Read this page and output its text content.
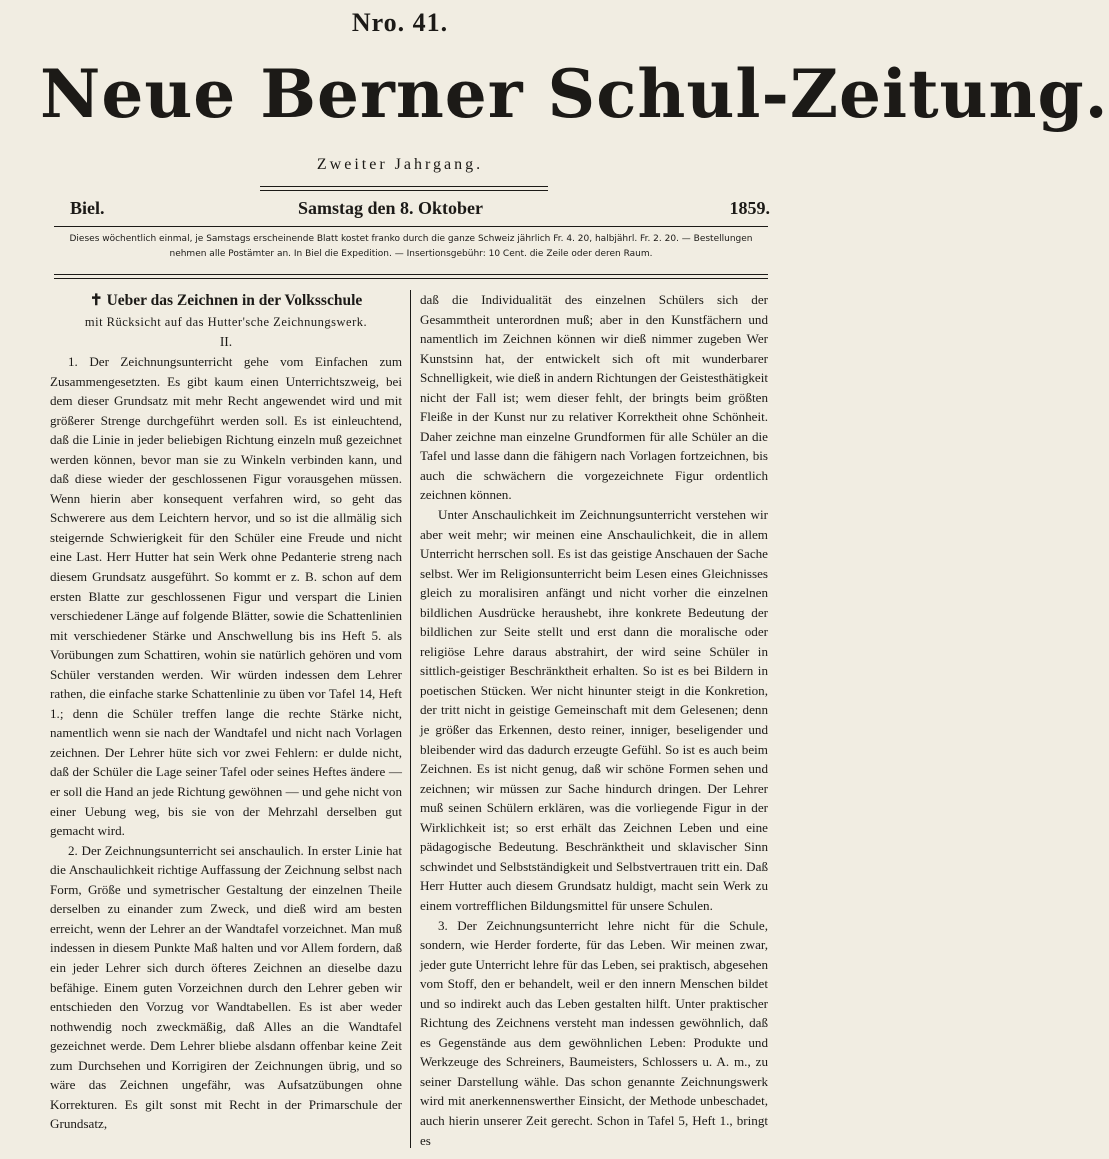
Nro. 41.
Neue Berner Schul-Zeitung.
Zweiter Jahrgang.
Biel.	Samstag den 8. Oktober	1859.
Dieses wöchentlich einmal, je Samstags erscheinende Blatt kostet franko durch die ganze Schweiz jährlich Fr. 4. 20, halbjährl. Fr. 2. 20. — Bestellungen nehmen alle Postämter an. In Biel die Expedition. — Insertionsgebühr: 10 Cent. die Zeile oder deren Raum.

✝ Ueber das Zeichnen in der Volksschule

mit Rücksicht auf das Hutter'sche Zeichnungswerk.

II.

1. Der Zeichnungsunterricht gehe vom Einfachen zum Zusammengesetzten. Es gibt kaum einen Unterrichtszweig, bei dem dieser Grundsatz mit mehr Recht angewendet wird und mit größerer Strenge durchgeführt werden soll. Es ist einleuchtend, daß die Linie in jeder beliebigen Richtung einzeln muß gezeichnet werden können, bevor man sie zu Winkeln verbinden kann, und daß diese wieder der geschlossenen Figur vorausgehen müssen. Wenn hierin aber konsequent verfahren wird, so geht das Schwerere aus dem Leichtern hervor, und so ist die allmälig sich steigernde Schwierigkeit für den Schüler eine Freude und nicht eine Last. Herr Hutter hat sein Werk ohne Pedanterie streng nach diesem Grundsatz ausgeführt. So kommt er z. B. schon auf dem ersten Blatte zur geschlossenen Figur und verspart die Linien verschiedener Länge auf folgende Blätter, sowie die Schattenlinien mit verschiedener Stärke und Anschwellung bis ins Heft 5. als Vorübungen zum Schattiren, wohin sie natürlich gehören und vom Schüler verstanden werden. Wir würden indessen dem Lehrer rathen, die einfache starke Schattenlinie zu üben vor Tafel 14, Heft 1.; denn die Schüler treffen lange die rechte Stärke nicht, namentlich wenn sie nach der Wandtafel und nicht nach Vorlagen zeichnen. Der Lehrer hüte sich vor zwei Fehlern: er dulde nicht, daß der Schüler die Lage seiner Tafel oder seines Heftes ändere — er soll die Hand an jede Richtung gewöhnen — und gehe nicht von einer Uebung weg, bis sie von der Mehrzahl derselben gut gemacht wird.

2. Der Zeichnungsunterricht sei anschaulich. In erster Linie hat die Anschaulichkeit richtige Auffassung der Zeichnung selbst nach Form, Größe und symetrischer Gestaltung der einzelnen Theile derselben zu einander zum Zweck, und dieß wird am besten erreicht, wenn der Lehrer an der Wandtafel vorzeichnet. Man muß indessen in diesem Punkte Maß halten und vor Allem fordern, daß ein jeder Lehrer sich durch öfteres Zeichnen an dieselbe dazu befähige. Einem guten Vorzeichnen durch den Lehrer geben wir entschieden den Vorzug vor Wandtabellen. Es ist aber weder nothwendig noch zweckmäßig, daß Alles an die Wandtafel gezeichnet werde. Dem Lehrer bliebe alsdann offenbar keine Zeit zum Durchsehen und Korrigiren der Zeichnungen übrig, und so wäre das Zeichnen ungefähr, was Aufsatzübungen ohne Korrekturen. Es gilt sonst mit Recht in der Primarschule der Grundsatz,

daß die Individualität des einzelnen Schülers sich der Gesammtheit unterordnen muß; aber in den Kunstfächern und namentlich im Zeichnen können wir dieß nimmer zugeben Wer Kunstsinn hat, der entwickelt sich oft mit wunderbarer Schnelligkeit, wie dieß in andern Richtungen der Geistesthätigkeit nicht der Fall ist; wem dieser fehlt, der bringts beim größten Fleiße in der Kunst nur zu relativer Korrektheit ohne Schönheit. Daher zeichne man einzelne Grundformen für alle Schüler an die Tafel und lasse dann die fähigern nach Vorlagen fortzeichnen, bis auch die schwächern die vorgezeichnete Figur ordentlich zeichnen können.

Unter Anschaulichkeit im Zeichnungsunterricht verstehen wir aber weit mehr; wir meinen eine Anschaulichkeit, die in allem Unterricht herrschen soll. Es ist das geistige Anschauen der Sache selbst. Wer im Religionsunterricht beim Lesen eines Gleichnisses gleich zu moralisiren anfängt und nicht vorher die einzelnen bildlichen Ausdrücke heraushebt, ihre konkrete Bedeutung der bildlichen zur Seite stellt und erst dann die moralische oder religiöse Lehre daraus abstrahirt, der wird seine Schüler in sittlich-geistiger Beschränktheit erhalten. So ist es bei Bildern in poetischen Stücken. Wer nicht hinunter steigt in die Konkretion, der tritt nicht in geistige Gemeinschaft mit dem Gelesenen; denn je größer das Erkennen, desto reiner, inniger, beseligender und bleibender wird das dadurch erzeugte Gefühl. So ist es auch beim Zeichnen. Es ist nicht genug, daß wir schöne Formen sehen und zeichnen; wir müssen zur Sache hindurch dringen. Der Lehrer muß seinen Schülern erklären, was die vorliegende Figur in der Wirklichkeit ist; so erst erhält das Zeichnen Leben und eine pädagogische Bedeutung. Beschränktheit und sklavischer Sinn schwindet und Selbstständigkeit und Selbstvertrauen tritt ein. Daß Herr Hutter auch diesem Grundsatz huldigt, macht sein Werk zu einem vortrefflichen Bildungsmittel für unsere Schulen.

3. Der Zeichnungsunterricht lehre nicht für die Schule, sondern, wie Herder forderte, für das Leben. Wir meinen zwar, jeder gute Unterricht lehre für das Leben, sei praktisch, abgesehen vom Stoff, den er behandelt, weil er den innern Menschen bildet und so indirekt auch das Leben gestalten hilft. Unter praktischer Richtung des Zeichnens versteht man indessen gewöhnlich, daß es Gegenstände aus dem gewöhnlichen Leben: Produkte und Werkzeuge des Schreiners, Baumeisters, Schlossers u. A. m., zu seiner Darstellung wähle. Das schon genannte Zeichnungswerk wird mit anerkennenswerther Einsicht, der Methode unbeschadet, auch hierin unserer Zeit gerecht. Schon in Tafel 5, Heft 1., bringt es
